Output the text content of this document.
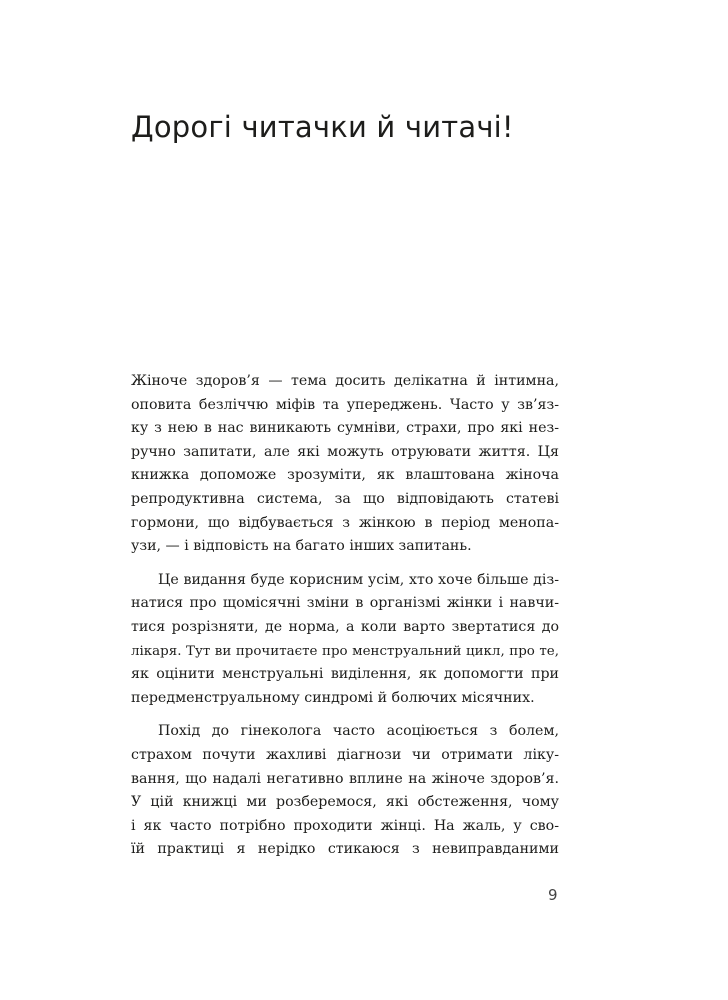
Дорогі читачки й читачі!
Жіноче здоров’я — тема досить делікатна й інтимна,
оповита безліччю міфів та упереджень. Часто у зв’яз-
ку з нею в нас виникають сумніви, страхи, про які нез-
ручно запитати, але які можуть отруювати життя. Ця
книжка допоможе зрозуміти, як влаштована жіноча
репродуктивна система, за що відповідають статеві
гормони, що відбувається з жінкою в період менопа-
узи, — і відповість на багато інших запитань.
Це видання буде корисним усім, хто хоче більше діз-
натися про щомісячні зміни в організмі жінки і навчи-
тися розрізняти, де норма, а коли варто звертатися до
лікаря. Тут ви прочитаєте про менструальний цикл, про те,
як оцінити менструальні виділення, як допомогти при
передменструальному синдромі й болючих місячних.
Похід до гінеколога часто асоціюється з болем,
страхом почути жахливі діагнози чи отримати ліку-
вання, що надалі негативно вплине на жіноче здоров’я.
У цій книжці ми розберемося, які обстеження, чому
і як часто потрібно проходити жінці. На жаль, у сво-
їй практиці я нерідко стикаюся з невиправданими
9
